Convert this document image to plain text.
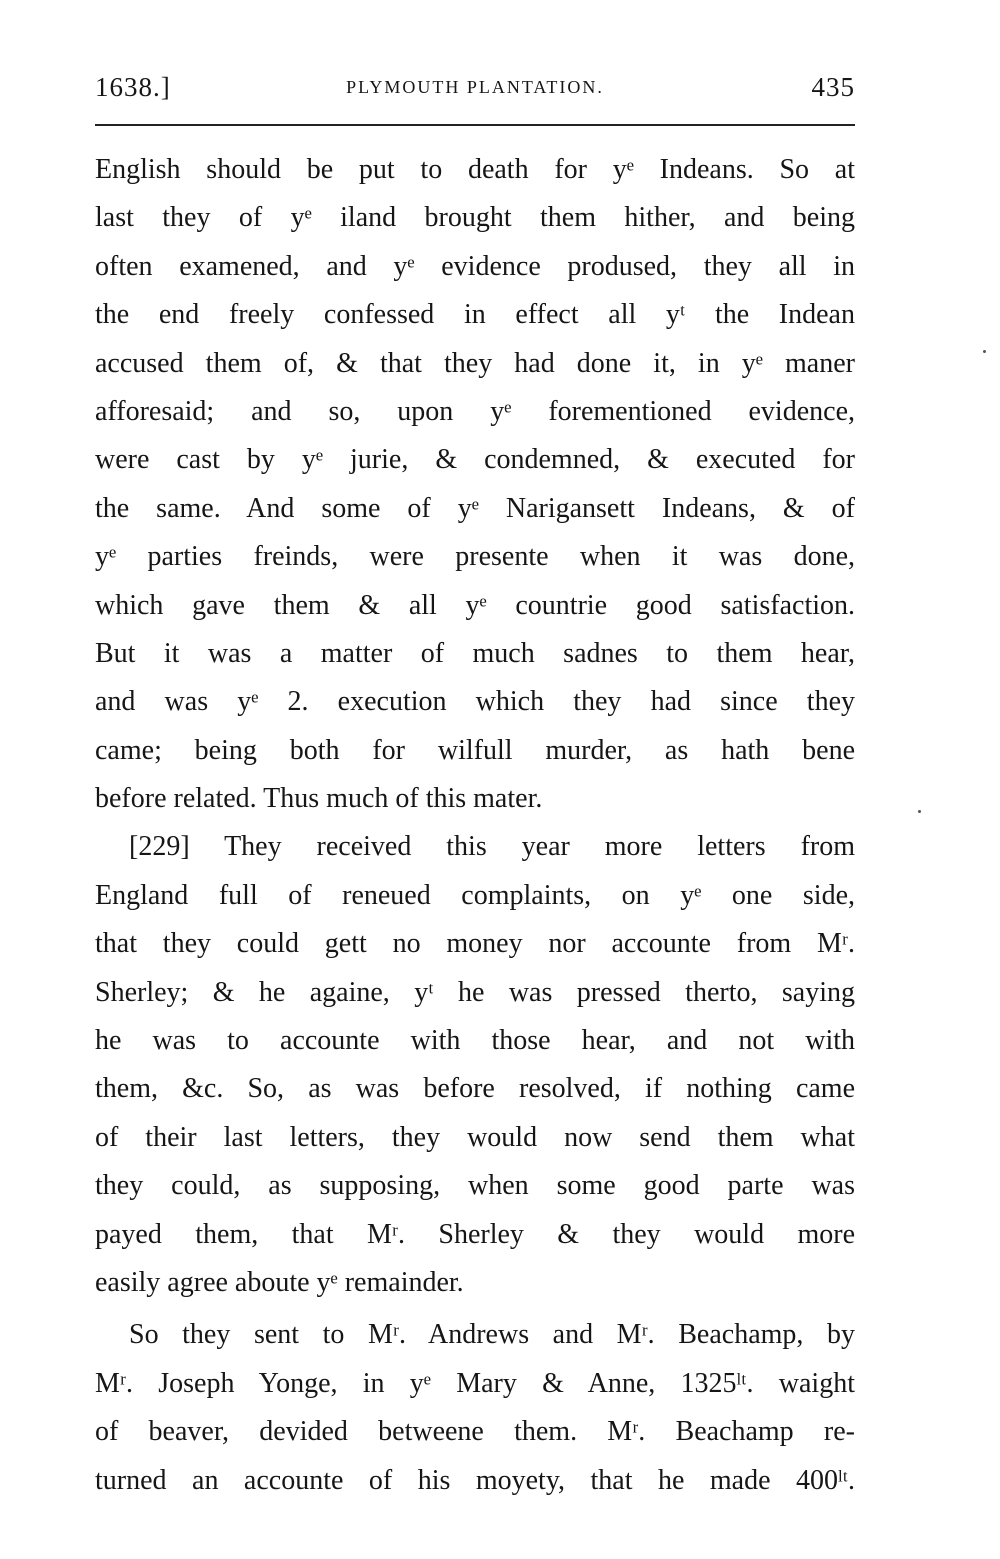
1638.]	PLYMOUTH PLANTATION.	435
English should be put to death for yᵉ Indeans. So at
last they of yᵉ iland brought them hither, and being
often examened, and yᵉ evidence prodused, they all in
the end freely confessed in effect all yᵗ the Indean
accused them of, & that they had done it, in yᵉ maner
afforesaid; and so, upon yᵉ forementioned evidence,
were cast by yᵉ jurie, & condemned, & executed for
the same. And some of yᵉ Narigansett Indeans, & of
yᵉ parties freinds, were presente when it was done,
which gave them & all yᵉ countrie good satisfaction.
But it was a matter of much sadnes to them hear,
and was yᵉ 2. execution which they had since they
came; being both for wilfull murder, as hath bene
before related. Thus much of this mater.
[229] They received this year more letters from
England full of reneued complaints, on yᵉ one side,
that they could gett no money nor accounte from Mʳ.
Sherley; & he againe, yᵗ he was pressed therto, saying
he was to accounte with those hear, and not with
them, &c. So, as was before resolved, if nothing came
of their last letters, they would now send them what
they could, as supposing, when some good parte was
payed them, that Mʳ. Sherley & they would more
easily agree aboute yᵉ remainder.
So they sent to Mʳ. Andrews and Mʳ. Beachamp, by
Mʳ. Joseph Yonge, in yᵉ Mary & Anne, 1325ˡᵗ. waight
of beaver, devided betweene them. Mʳ. Beachamp re-
turned an accounte of his moyety, that he made 400ˡᵗ.
